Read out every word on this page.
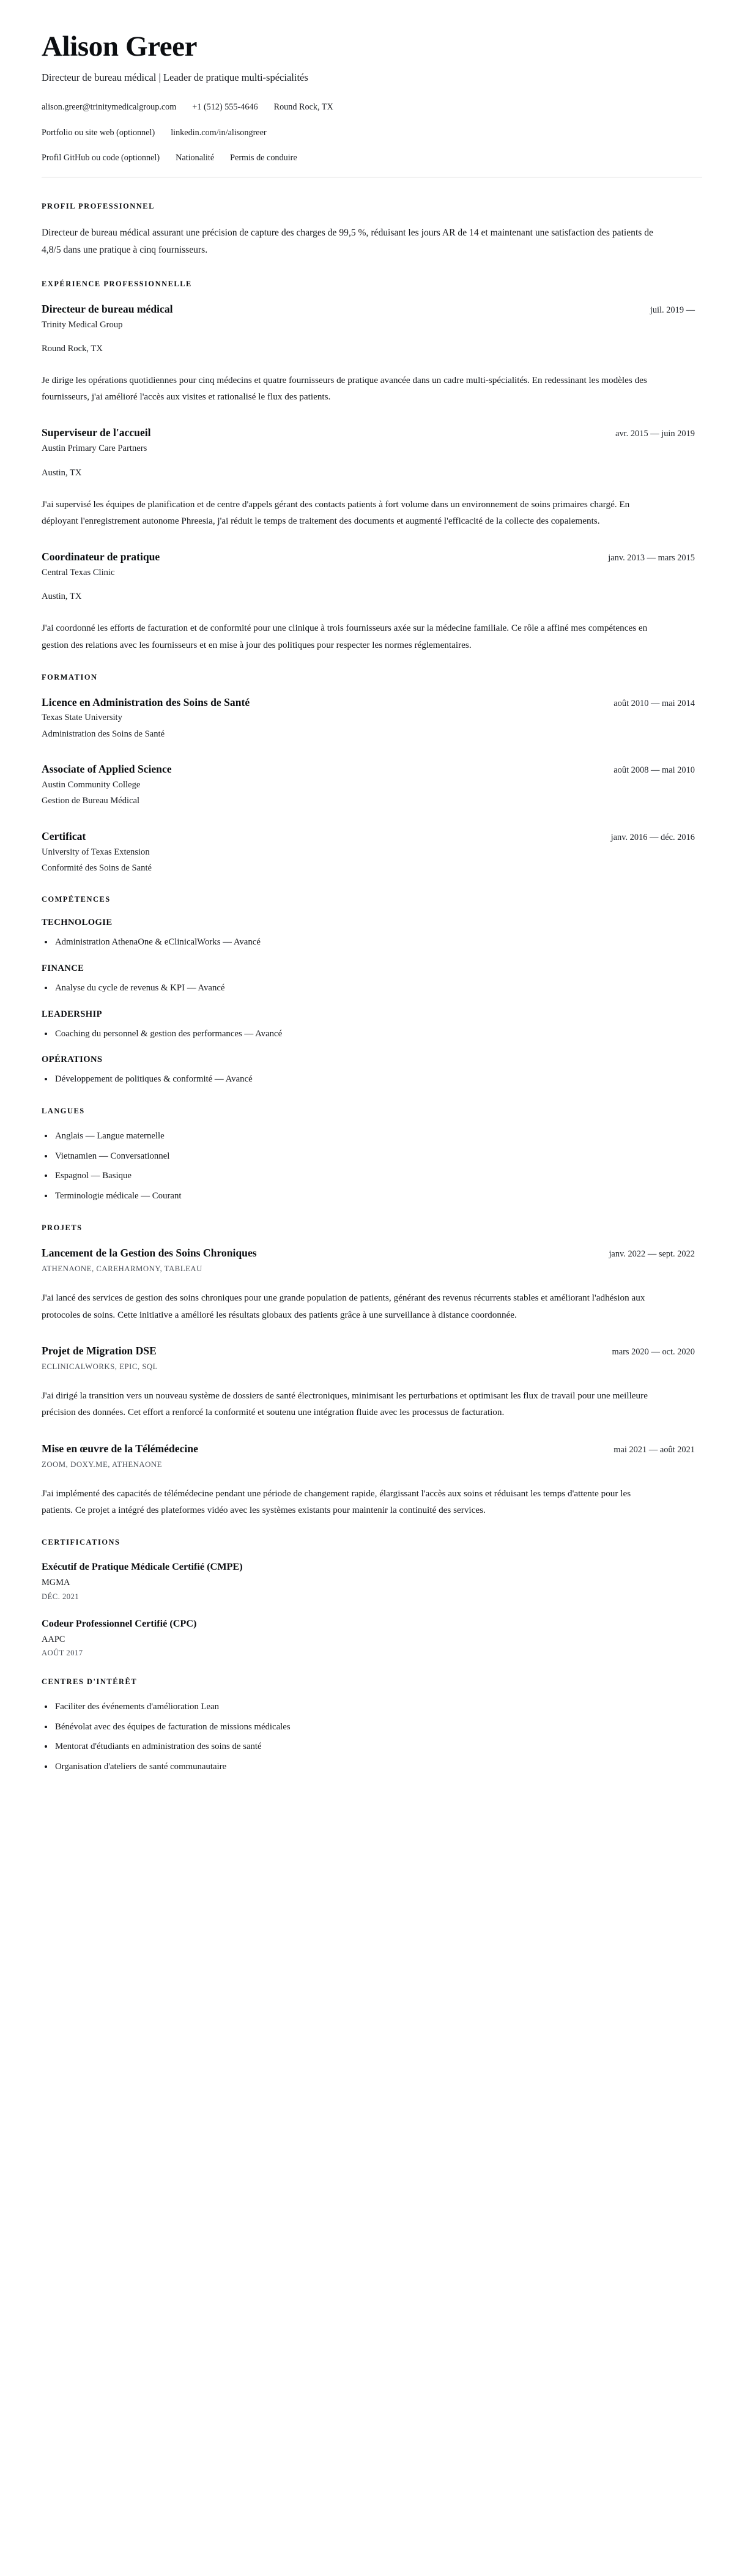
Alison Greer
Directeur de bureau médical | Leader de pratique multi-spécialités
alison.greer@trinitymedicalgroup.com +1 (512) 555-4646 Round Rock, TX
Portfolio ou site web (optionnel) linkedin.com/in/alisongreer
Profil GitHub ou code (optionnel) Nationalité Permis de conduire
PROFIL PROFESSIONNEL

Directeur de bureau médical assurant une précision de capture des charges de 99,5 %, réduisant les jours AR de 14 et maintenant une satisfaction des patients de 4,8/5 dans une pratique à cinq fournisseurs.

EXPÉRIENCE PROFESSIONNELLE
Directeur de bureau médical	juil. 2019 —
Trinity Medical Group
Round Rock, TX

Je dirige les opérations quotidiennes pour cinq médecins et quatre fournisseurs de pratique avancée dans un cadre multi-spécialités. En redessinant les modèles des fournisseurs, j'ai amélioré l'accès aux visites et rationalisé le flux des patients.

Superviseur de l'accueil	avr. 2015 — juin 2019
Austin Primary Care Partners
Austin, TX

J'ai supervisé les équipes de planification et de centre d'appels gérant des contacts patients à fort volume dans un environnement de soins primaires chargé. En déployant l'enregistrement autonome Phreesia, j'ai réduit le temps de traitement des documents et augmenté l'efficacité de la collecte des copaiements.

Coordinateur de pratique	janv. 2013 — mars 2015
Central Texas Clinic
Austin, TX

J'ai coordonné les efforts de facturation et de conformité pour une clinique à trois fournisseurs axée sur la médecine familiale. Ce rôle a affiné mes compétences en gestion des relations avec les fournisseurs et en mise à jour des politiques pour respecter les normes réglementaires.

FORMATION
Licence en Administration des Soins de Santé	août 2010 — mai 2014
Texas State University
Administration des Soins de Santé
Associate of Applied Science	août 2008 — mai 2010
Austin Community College
Gestion de Bureau Médical
Certificat	janv. 2016 — déc. 2016
University of Texas Extension
Conformité des Soins de Santé
COMPÉTENCES
TECHNOLOGIE
Administration AthenaOne & eClinicalWorks — Avancé
FINANCE
Analyse du cycle de revenus & KPI — Avancé
LEADERSHIP
Coaching du personnel & gestion des performances — Avancé
OPÉRATIONS
Développement de politiques & conformité — Avancé
LANGUES
Anglais — Langue maternelle
Vietnamien — Conversationnel
Espagnol — Basique
Terminologie médicale — Courant
PROJETS
Lancement de la Gestion des Soins Chroniques	janv. 2022 — sept. 2022
ATHENAONE, CAREHARMONY, TABLEAU

J'ai lancé des services de gestion des soins chroniques pour une grande population de patients, générant des revenus récurrents stables et améliorant l'adhésion aux protocoles de soins. Cette initiative a amélioré les résultats globaux des patients grâce à une surveillance à distance coordonnée.

Projet de Migration DSE	mars 2020 — oct. 2020
ECLINICALWORKS, EPIC, SQL

J'ai dirigé la transition vers un nouveau système de dossiers de santé électroniques, minimisant les perturbations et optimisant les flux de travail pour une meilleure précision des données. Cet effort a renforcé la conformité et soutenu une intégration fluide avec les processus de facturation.

Mise en œuvre de la Télémédecine	mai 2021 — août 2021
ZOOM, DOXY.ME, ATHENAONE

J'ai implémenté des capacités de télémédecine pendant une période de changement rapide, élargissant l'accès aux soins et réduisant les temps d'attente pour les patients. Ce projet a intégré des plateformes vidéo avec les systèmes existants pour maintenir la continuité des services.

CERTIFICATIONS
Exécutif de Pratique Médicale Certifié (CMPE)
MGMA
DÉC. 2021
Codeur Professionnel Certifié (CPC)
AAPC
AOÛT 2017
CENTRES D'INTÉRÊT
Faciliter des événements d'amélioration Lean
Bénévolat avec des équipes de facturation de missions médicales
Mentorat d'étudiants en administration des soins de santé
Organisation d'ateliers de santé communautaire
